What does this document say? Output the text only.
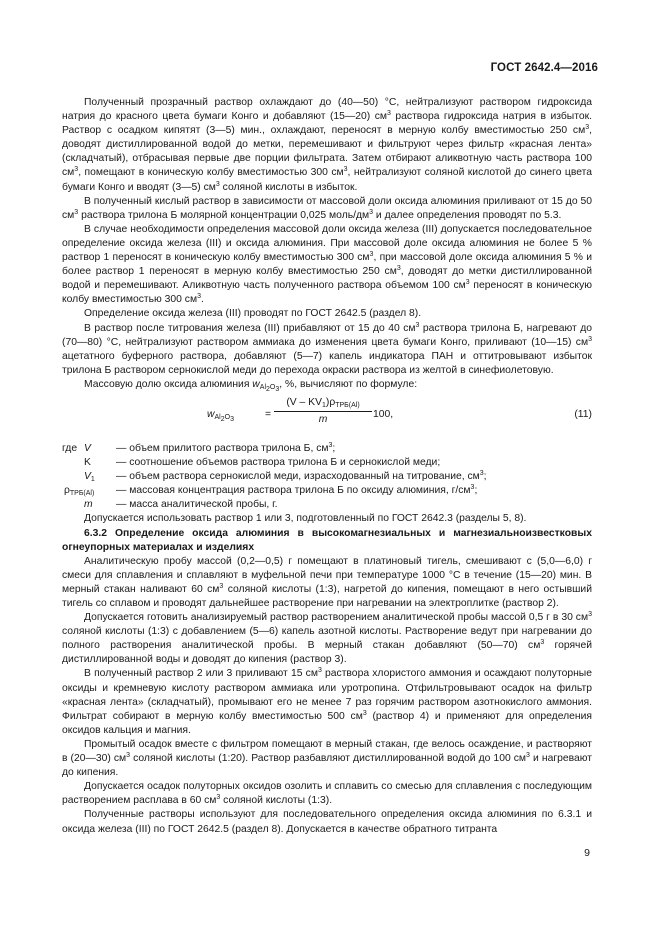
ГОСТ 2642.4—2016

Полученный прозрачный раствор охлаждают до (40—50) °С, нейтрализуют раствором гидроксида натрия до красного цвета бумаги Конго и добавляют (15—20) $см^3$ раствора гидроксида натрия в избыток. Раствор с осадком кипятят (3—5) мин., охлаждают, переносят в мерную колбу вместимостью 250 $см^3$, доводят дистиллированной водой до метки, перемешивают и фильтруют через фильтр «красная лента» (складчатый), отбрасывая первые две порции фильтрата. Затем отбирают аликвотную часть раствора 100 $см^3$, помещают в коническую колбу вместимостью 300 $см^3$, нейтрализуют соляной кислотой до синего цвета бумаги Конго и вводят (3—5) $см^3$ соляной кислоты в избыток.

В полученный кислый раствор в зависимости от массовой доли оксида алюминия приливают от 15 до 50 $см^3$ раствора трилона Б молярной концентрации 0,025 моль/$дм^3$ и далее определения проводят по 5.3.

В случае необходимости определения массовой доли оксида железа (III) допускается последовательное определение оксида железа (III) и оксида алюминия. При массовой доле оксида алюминия не более 5 % раствор 1 переносят в коническую колбу вместимостью 300 $см^3$, при массовой доле оксида алюминия 5 % и более раствор 1 переносят в мерную колбу вместимостью 250 $см^3$, доводят до метки дистиллированной водой и перемешивают. Аликвотную часть полученного раствора объемом 100 $см^3$ переносят в коническую колбу вместимостью 300 $см^3$.

Определение оксида железа (III) проводят по ГОСТ 2642.5 (раздел 8).

В раствор после титрования железа (III) прибавляют от 15 до 40 $см^3$ раствора трилона Б, нагревают до (70—80) °С, нейтрализуют раствором аммиака до изменения цвета бумаги Конго, приливают (10—15) $см^3$ ацетатного буферного раствора, добавляют (5—7) капель индикатора ПАН и оттитровывают избыток трилона Б раствором сернокислой меди до перехода окраски раствора из желтой в синефиолетовую.

Массовую долю оксида алюминия $w_{Al_2O_3}$, %, вычисляют по формуле:

$w_{Al_2O_3}$	=
$(V - KV_1)\rho_{ТРБ(Al)}$
m	100,	(11)
где V	— объем прилитого раствора трилона Б, $см^3$;
K	— соотношение объемов раствора трилона Б и сернокислой меди;
$V_1$	— объем раствора сернокислой меди, израсходованный на титрование, $см^3$;
$\rho_{ТРБ(Al)}$	— массовая концентрация раствора трилона Б по оксиду алюминия, $г/см^3$;
m	— масса аналитической пробы, г.

Допускается использовать раствор 1 или 3, подготовленный по ГОСТ 2642.3 (разделы 5, 8).

6.3.2 Определение оксида алюминия в высокомагнезиальных и магнезиальноизвестковых огнеупорных материалах и изделиях

Аналитическую пробу массой (0,2—0,5) г помещают в платиновый тигель, смешивают с (5,0—6,0) г смеси для сплавления и сплавляют в муфельной печи при температуре 1000 °С в течение (15—20) мин. В мерный стакан наливают 60 $см^3$ соляной кислоты (1:3), нагретой до кипения, помещают в него остывший тигель со сплавом и проводят дальнейшее растворение при нагревании на электроплитке (раствор 2).

Допускается готовить анализируемый раствор растворением аналитической пробы массой 0,5 г в 30 $см^3$ соляной кислоты (1:3) с добавлением (5—6) капель азотной кислоты. Растворение ведут при нагревании до полного растворения аналитической пробы. В мерный стакан добавляют (50—70) $см^3$ горячей дистиллированной воды и доводят до кипения (раствор 3).

В полученный раствор 2 или 3 приливают 15 $см^3$ раствора хлористого аммония и осаждают полуторные оксиды и кремневую кислоту раствором аммиака или уротропина. Отфильтровывают осадок на фильтр «красная лента» (складчатый), промывают его не менее 7 раз горячим раствором азотнокислого аммония. Фильтрат собирают в мерную колбу вместимостью 500 $см^3$ (раствор 4) и применяют для определения оксидов кальция и магния.

Промытый осадок вместе с фильтром помещают в мерный стакан, где велось осаждение, и растворяют в (20—30) $см^3$ соляной кислоты (1:20). Раствор разбавляют дистиллированной водой до 100 $см^3$ и нагревают до кипения.

Допускается осадок полуторных оксидов озолить и сплавить со смесью для сплавления с последующим растворением расплава в 60 $см^3$ соляной кислоты (1:3).

Полученные растворы используют для последовательного определения оксида алюминия по 6.3.1 и оксида железа (III) по ГОСТ 2642.5 (раздел 8). Допускается в качестве обратного титранта

9
